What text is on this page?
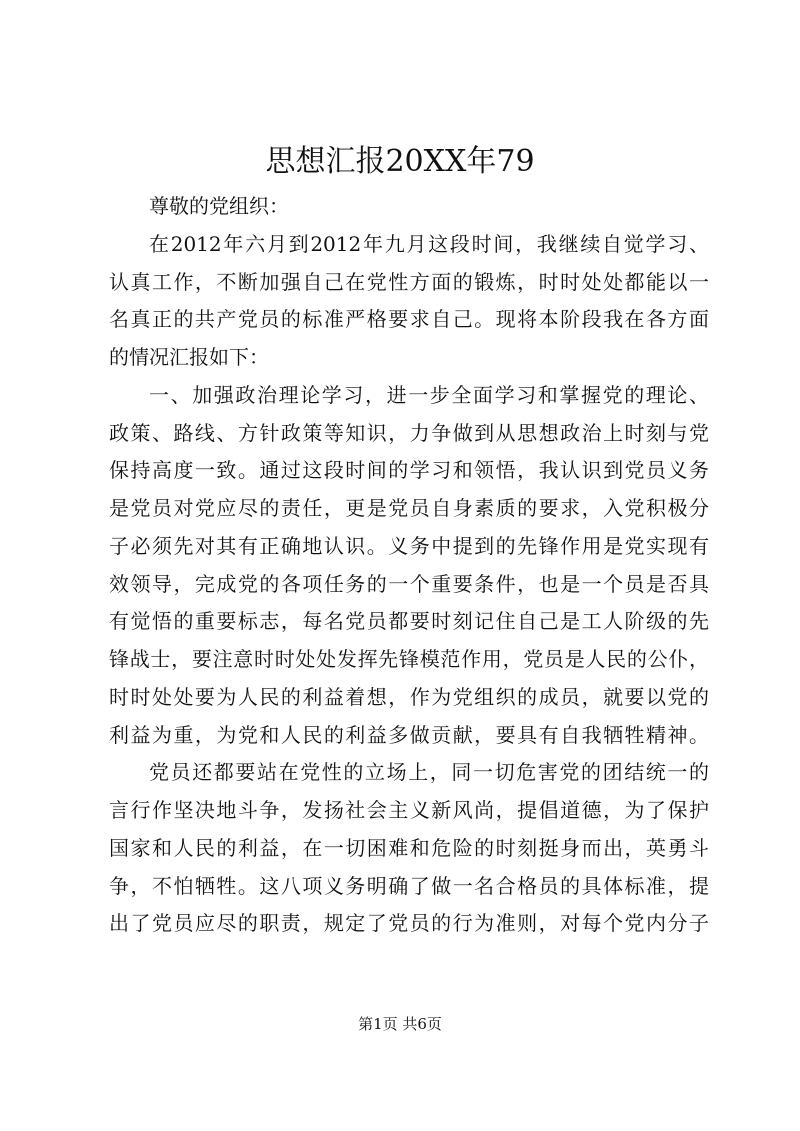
思想汇报20XX年79
尊敬的党组织：
在2012年六月到2012年九月这段时间，我继续自觉学习、
认真工作，不断加强自己在党性方面的锻炼，时时处处都能以一
名真正的共产党员的标准严格要求自己。现将本阶段我在各方面
的情况汇报如下：
一、加强政治理论学习，进一步全面学习和掌握党的理论、
政策、路线、方针政策等知识，力争做到从思想政治上时刻与党
保持高度一致。通过这段时间的学习和领悟，我认识到党员义务
是党员对党应尽的责任，更是党员自身素质的要求，入党积极分
子必须先对其有正确地认识。义务中提到的先锋作用是党实现有
效领导，完成党的各项任务的一个重要条件，也是一个员是否具
有觉悟的重要标志，每名党员都要时刻记住自己是工人阶级的先
锋战士，要注意时时处处发挥先锋模范作用，党员是人民的公仆，
时时处处要为人民的利益着想，作为党组织的成员，就要以党的
利益为重，为党和人民的利益多做贡献，要具有自我牺牲精神。
党员还都要站在党性的立场上，同一切危害党的团结统一的
言行作坚决地斗争，发扬社会主义新风尚，提倡道德，为了保护
国家和人民的利益，在一切困难和危险的时刻挺身而出，英勇斗
争，不怕牺牲。这八项义务明确了做一名合格员的具体标准，提
出了党员应尽的职责，规定了党员的行为准则，对每个党内分子
第1页 共6页
